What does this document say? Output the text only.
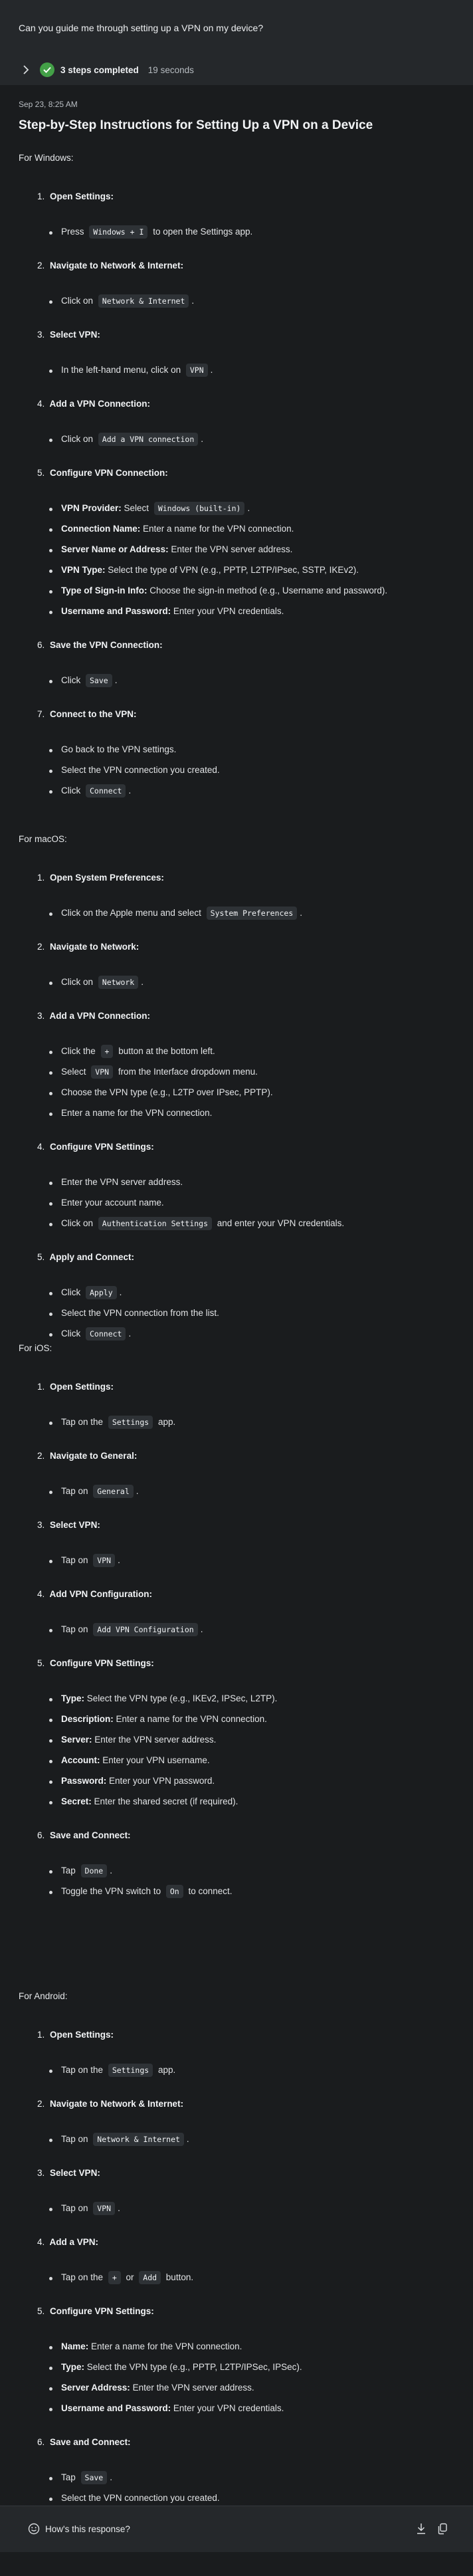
Can you guide me through setting up a VPN on my device?
3 steps completed 19 seconds
Sep 23, 8:25 AM
Step-by-Step Instructions for Setting Up a VPN on a Device
For Windows:
1. Open Settings:
Press Windows + I to open the Settings app.
2. Navigate to Network & Internet:
Click on Network & Internet .
3. Select VPN:
In the left-hand menu, click on VPN .
4. Add a VPN Connection:
Click on Add a VPN connection .
5. Configure VPN Connection:
VPN Provider: Select Windows (built-in) .
Connection Name: Enter a name for the VPN connection.
Server Name or Address: Enter the VPN server address.
VPN Type: Select the type of VPN (e.g., PPTP, L2TP/IPsec, SSTP, IKEv2).
Type of Sign-in Info: Choose the sign-in method (e.g., Username and password).
Username and Password: Enter your VPN credentials.
6. Save the VPN Connection:
Click Save .
7. Connect to the VPN:
Go back to the VPN settings.
Select the VPN connection you created.
Click Connect .
For macOS:
1. Open System Preferences:
Click on the Apple menu and select System Preferences .
2. Navigate to Network:
Click on Network .
3. Add a VPN Connection:
Click the + button at the bottom left.
Select VPN from the Interface dropdown menu.
Choose the VPN type (e.g., L2TP over IPsec, PPTP).
Enter a name for the VPN connection.
4. Configure VPN Settings:
Enter the VPN server address.
Enter your account name.
Click on Authentication Settings and enter your VPN credentials.
5. Apply and Connect:
Click Apply .
Select the VPN connection from the list.
Click Connect .
For iOS:
1. Open Settings:
Tap on the Settings app.
2. Navigate to General:
Tap on General .
3. Select VPN:
Tap on VPN .
4. Add VPN Configuration:
Tap on Add VPN Configuration .
5. Configure VPN Settings:
Type: Select the VPN type (e.g., IKEv2, IPSec, L2TP).
Description: Enter a name for the VPN connection.
Server: Enter the VPN server address.
Account: Enter your VPN username.
Password: Enter your VPN password.
Secret: Enter the shared secret (if required).
6. Save and Connect:
Tap Done .
Toggle the VPN switch to On to connect.
For Android:
1. Open Settings:
Tap on the Settings app.
2. Navigate to Network & Internet:
Tap on Network & Internet .
3. Select VPN:
Tap on VPN .
4. Add a VPN:
Tap on the + or Add button.
5. Configure VPN Settings:
Name: Enter a name for the VPN connection.
Type: Select the VPN type (e.g., PPTP, L2TP/IPSec, IPSec).
Server Address: Enter the VPN server address.
Username and Password: Enter your VPN credentials.
6. Save and Connect:
Tap Save .
Select the VPN connection you created.
How's this response?
